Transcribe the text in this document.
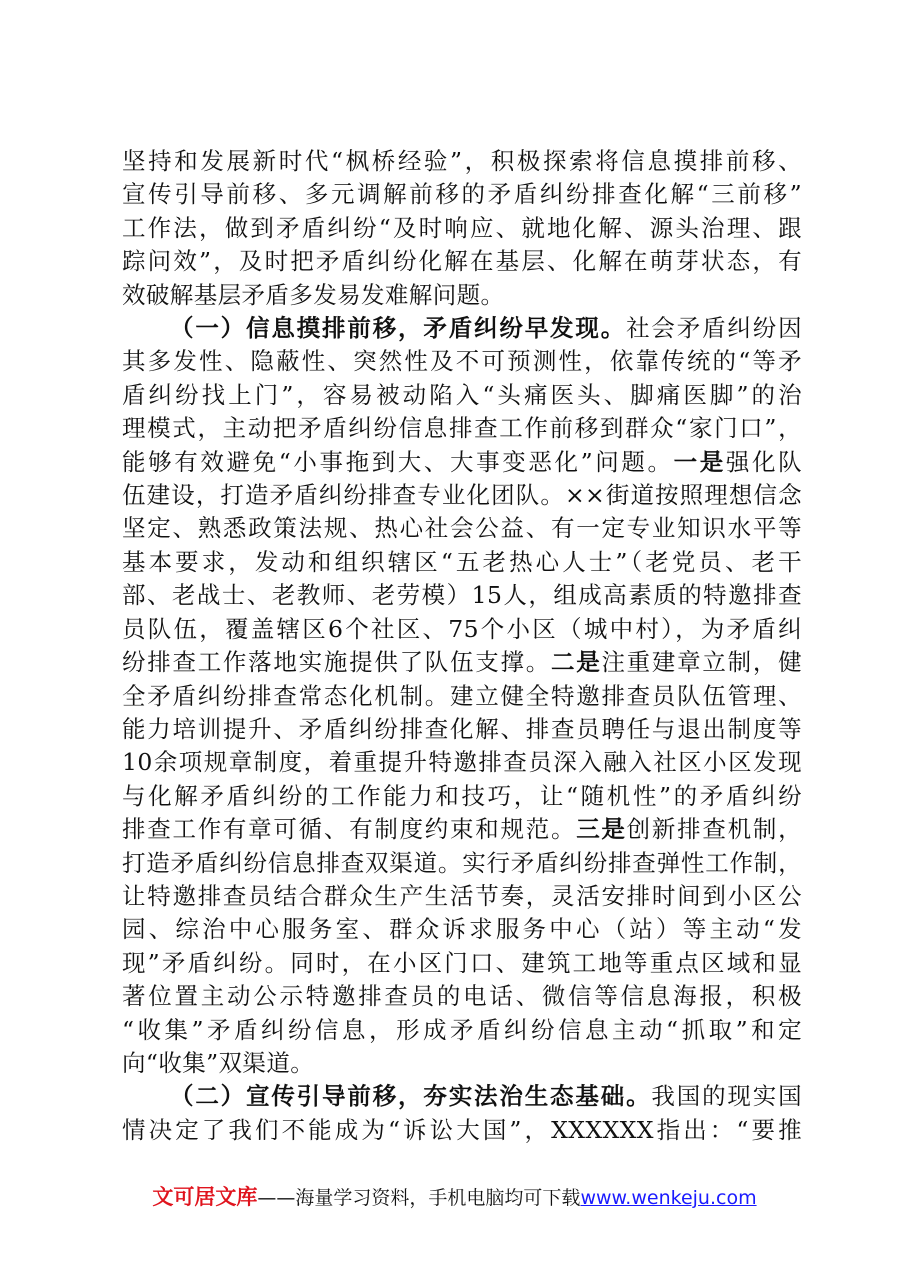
坚持和发展新时代“枫桥经验”，积极探索将信息摸排前移、
宣传引导前移、多元调解前移的矛盾纠纷排查化解“三前移”
工作法，做到矛盾纠纷“及时响应、就地化解、源头治理、跟
踪问效”，及时把矛盾纠纷化解在基层、化解在萌芽状态，有
效破解基层矛盾多发易发难解问题。
（一）信息摸排前移，矛盾纠纷早发现。社会矛盾纠纷因
其多发性、隐蔽性、突然性及不可预测性，依靠传统的“等矛
盾纠纷找上门”，容易被动陷入“头痛医头、脚痛医脚”的治
理模式，主动把矛盾纠纷信息排查工作前移到群众“家门口”，
能够有效避免“小事拖到大、大事变恶化”问题。一是强化队
伍建设，打造矛盾纠纷排查专业化团队。××街道按照理想信念
坚定、熟悉政策法规、热心社会公益、有一定专业知识水平等
基本要求，发动和组织辖区“五老热心人士”（老党员、老干
部、老战士、老教师、老劳模）15人，组成高素质的特邀排查
员队伍，覆盖辖区6个社区、75个小区（城中村），为矛盾纠
纷排查工作落地实施提供了队伍支撑。二是注重建章立制，健
全矛盾纠纷排查常态化机制。建立健全特邀排查员队伍管理、
能力培训提升、矛盾纠纷排查化解、排查员聘任与退出制度等
10余项规章制度，着重提升特邀排查员深入融入社区小区发现
与化解矛盾纠纷的工作能力和技巧，让“随机性”的矛盾纠纷
排查工作有章可循、有制度约束和规范。三是创新排查机制，
打造矛盾纠纷信息排查双渠道。实行矛盾纠纷排查弹性工作制，
让特邀排查员结合群众生产生活节奏，灵活安排时间到小区公
园、综治中心服务室、群众诉求服务中心（站）等主动“发
现”矛盾纠纷。同时，在小区门口、建筑工地等重点区域和显
著位置主动公示特邀排查员的电话、微信等信息海报，积极
“收集”矛盾纠纷信息，形成矛盾纠纷信息主动“抓取”和定
向“收集”双渠道。
（二）宣传引导前移，夯实法治生态基础。我国的现实国
情决定了我们不能成为“诉讼大国”，XXXXXX指出：“要推
文可居文库——海量学习资料，手机电脑均可下载www.wenkeju.com
